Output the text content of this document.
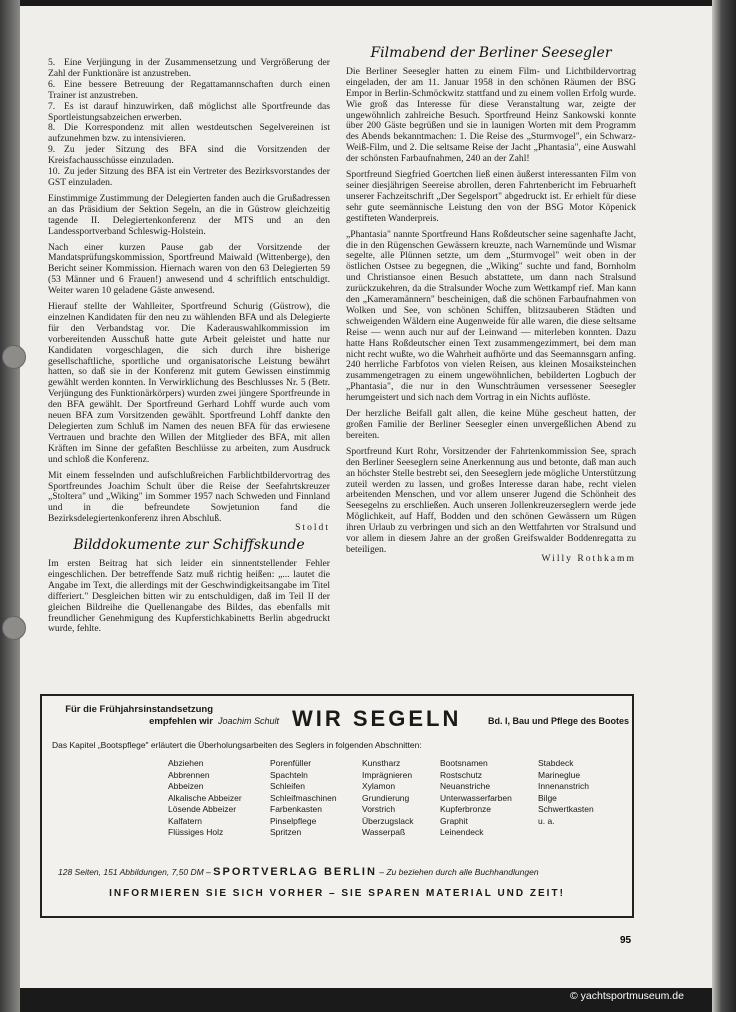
5. Eine Verjüngung in der Zusammensetzung und Vergrößerung der Zahl der Funktionäre ist anzustreben.
6. Eine bessere Betreuung der Regattamannschaften durch einen Trainer ist anzustreben.
7. Es ist darauf hinzuwirken, daß möglichst alle Sportfreunde das Sportleistungsabzeichen erwerben.
8. Die Korrespondenz mit allen westdeutschen Segelvereinen ist aufzunehmen bzw. zu intensivieren.
9. Zu jeder Sitzung des BFA sind die Vorsitzenden der Kreisfachausschüsse einzuladen.
10. Zu jeder Sitzung des BFA ist ein Vertreter des Bezirksvorstandes der GST einzuladen.

Einstimmige Zustimmung der Delegierten fanden auch die Grußadressen an das Präsidium der Sektion Segeln, an die in Güstrow gleichzeitig tagende II. Delegiertenkonferenz der MTS und an den Landessportverband Schleswig-Holstein.

Nach einer kurzen Pause gab der Vorsitzende der Mandatsprüfungskommission, Sportfreund Maiwald (Wittenberge), den Bericht seiner Kommission. Hiernach waren von den 63 Delegierten 59 (53 Männer und 6 Frauen!) anwesend und 4 schriftlich entschuldigt. Weiter waren 10 geladene Gäste anwesend.

Hierauf stellte der Wahlleiter, Sportfreund Schurig (Güstrow), die einzelnen Kandidaten für den neu zu wählenden BFA und als Delegierte für den Verbandstag vor. Die Kaderauswahlkommission im vorbereitenden Ausschuß hatte gute Arbeit geleistet und hatte nur Kandidaten vorgeschlagen, die sich durch ihre bisherige gesellschaftliche, sportliche und organisatorische Leistung bewährt hatten, so daß sie in der Konferenz mit gutem Gewissen einstimmig gewählt werden konnten. In Verwirklichung des Beschlusses Nr. 5 (Betr. Verjüngung des Funktionärkörpers) wurden zwei jüngere Sportfreunde in den BFA gewählt. Der Sportfreund Gerhard Lohff wurde auch vom neuen BFA zum Vorsitzenden gewählt. Sportfreund Lohff dankte den Delegierten zum Schluß im Namen des neuen BFA für das erwiesene Vertrauen und brachte den Willen der Mitglieder des BFA, mit allen Kräften im Sinne der gefaßten Beschlüsse zu arbeiten, zum Ausdruck und schloß die Konferenz.

Mit einem fesselnden und aufschlußreichen Farblichtbildervortrag des Sportfreundes Joachim Schult über die Reise der Seefahrtskreuzer „Stoltera" und „Wiking" im Sommer 1957 nach Schweden und Finnland und in die befreundete Sowjetunion fand die Bezirksdelegiertenkonferenz ihren Abschluß.

Stoldt
Bilddokumente zur Schiffskunde

Im ersten Beitrag hat sich leider ein sinnentstellender Fehler eingeschlichen. Der betreffende Satz muß richtig heißen: „... lautet die Angabe im Text, die allerdings mit der Geschwindigkeitsangabe im Titel differiert." Desgleichen bitten wir zu entschuldigen, daß im Teil II der gleichen Bildreihe die Quellenangabe des Bildes, das ebenfalls mit freundlicher Genehmigung des Kupferstichkabinetts Berlin abgedruckt wurde, fehlte.

Filmabend der Berliner Seesegler

Die Berliner Seesegler hatten zu einem Film- und Lichtbildervortrag eingeladen, der am 11. Januar 1958 in den schönen Räumen der BSG Empor in Berlin-Schmöckwitz stattfand und zu einem vollen Erfolg wurde. Wie groß das Interesse für diese Veranstaltung war, zeigte der ungewöhnlich zahlreiche Besuch. Sportfreund Heinz Sankowski konnte über 200 Gäste begrüßen und sie in launigen Worten mit dem Programm des Abends bekanntmachen: 1. Die Reise des „Sturmvogel", ein Schwarz-Weiß-Film, und 2. Die seltsame Reise der Jacht „Phantasia", eine Auswahl der schönsten Farbaufnahmen, 240 an der Zahl!

Sportfreund Siegfried Goertchen ließ einen äußerst interessanten Film von seiner diesjährigen Seereise abrollen, deren Fahrtenbericht im Februarheft unserer Fachzeitschrift „Der Segelsport" abgedruckt ist. Er erhielt für diese sehr gute seemännische Leistung den von der BSG Motor Köpenick gestifteten Wanderpreis.

„Phantasia" nannte Sportfreund Hans Roßdeutscher seine sagenhafte Jacht, die in den Rügenschen Gewässern kreuzte, nach Warnemünde und Wismar segelte, alle Plünnen setzte, um dem „Sturmvogel" weit oben in der östlichen Ostsee zu begegnen, die „Wiking" suchte und fand, Bornholm und Christiansoe einen Besuch abstattete, um dann nach Stralsund zurückzukehren, da die Stralsunder Woche zum Wettkampf rief. Man kann den „Kameramännern" bescheinigen, daß die schönen Farbaufnahmen von Wolken und See, von schönen Schiffen, blitzsauberen Städten und schweigenden Wäldern eine Augenweide für alle waren, die diese seltsame Reise — wenn auch nur auf der Leinwand — miterleben konnten. Dazu hatte Hans Roßdeutscher einen Text zusammengezimmert, bei dem man nicht recht wußte, wo die Wahrheit aufhörte und das Seemannsgarn anfing. 240 herrliche Farbfotos von vielen Reisen, aus kleinen Mosaiksteinchen zusammengetragen zu einem ungewöhnlichen, bebilderten Logbuch der „Phantasia", die nur in den Wunschträumen versessener Seesegler herumgeistert und sich nach dem Vortrag in ein Nichts auflöste.

Der herzliche Beifall galt allen, die keine Mühe gescheut hatten, der großen Familie der Berliner Seesegler einen unvergeßlichen Abend zu bereiten.

Sportfreund Kurt Rohr, Vorsitzender der Fahrtenkommission See, sprach den Berliner Seeseglern seine Anerkennung aus und betonte, daß man auch an höchster Stelle bestrebt sei, den Seeseglern jede mögliche Unterstützung zuteil werden zu lassen, und großes Interesse daran habe, recht vielen arbeitenden Menschen, und vor allem unserer Jugend die Schönheit des Seesegelns zu erschließen. Auch unseren Jollenkreuzerseglern werde jede Möglichkeit, auf Haff, Bodden und den schönen Gewässern um Rügen ihren Urlaub zu verbringen und sich an den Wettfahrten vor Stralsund und vor allem in diesem Jahre an der großen Greifswalder Boddenregatta zu beteiligen.

Willy Rothkamm
Für die Frühjahrsinstandsetzung empfehlen wir Joachim Schult WIR SEGELN	Bd. I, Bau und Pflege des Bootes
Das Kapitel „Bootspflege" erläutert die Überholungsarbeiten des Seglers in folgenden Abschnitten:
Abziehen
Abbrennen
Abbeizen
Alkalische Abbeizer
Lösende Abbeizer
Kalfatern
Flüssiges Holz
Porenfüller
Spachteln
Schleifen
Schleifmaschinen
Farbenkasten
Pinselpflege
Spritzen
Kunstharz
Imprägnieren
Xylamon
Grundierung
Vorstrich
Überzugslack
Wasserpaß
Bootsnamen
Rostschutz
Neuanstriche
Unterwasserfarben
Kupferbronze
Graphit
Leinendeck
Stabdeck
Marineglue
Innenanstrich
Bilge
Schwertkasten
u. a.
128 Seiten, 151 Abbildungen, 7,50 DM – SPORTVERLAG BERLIN – Zu beziehen durch alle Buchhandlungen
INFORMIEREN SIE SICH VORHER – SIE SPAREN MATERIAL UND ZEIT!
95
© yachtsportmuseum.de
